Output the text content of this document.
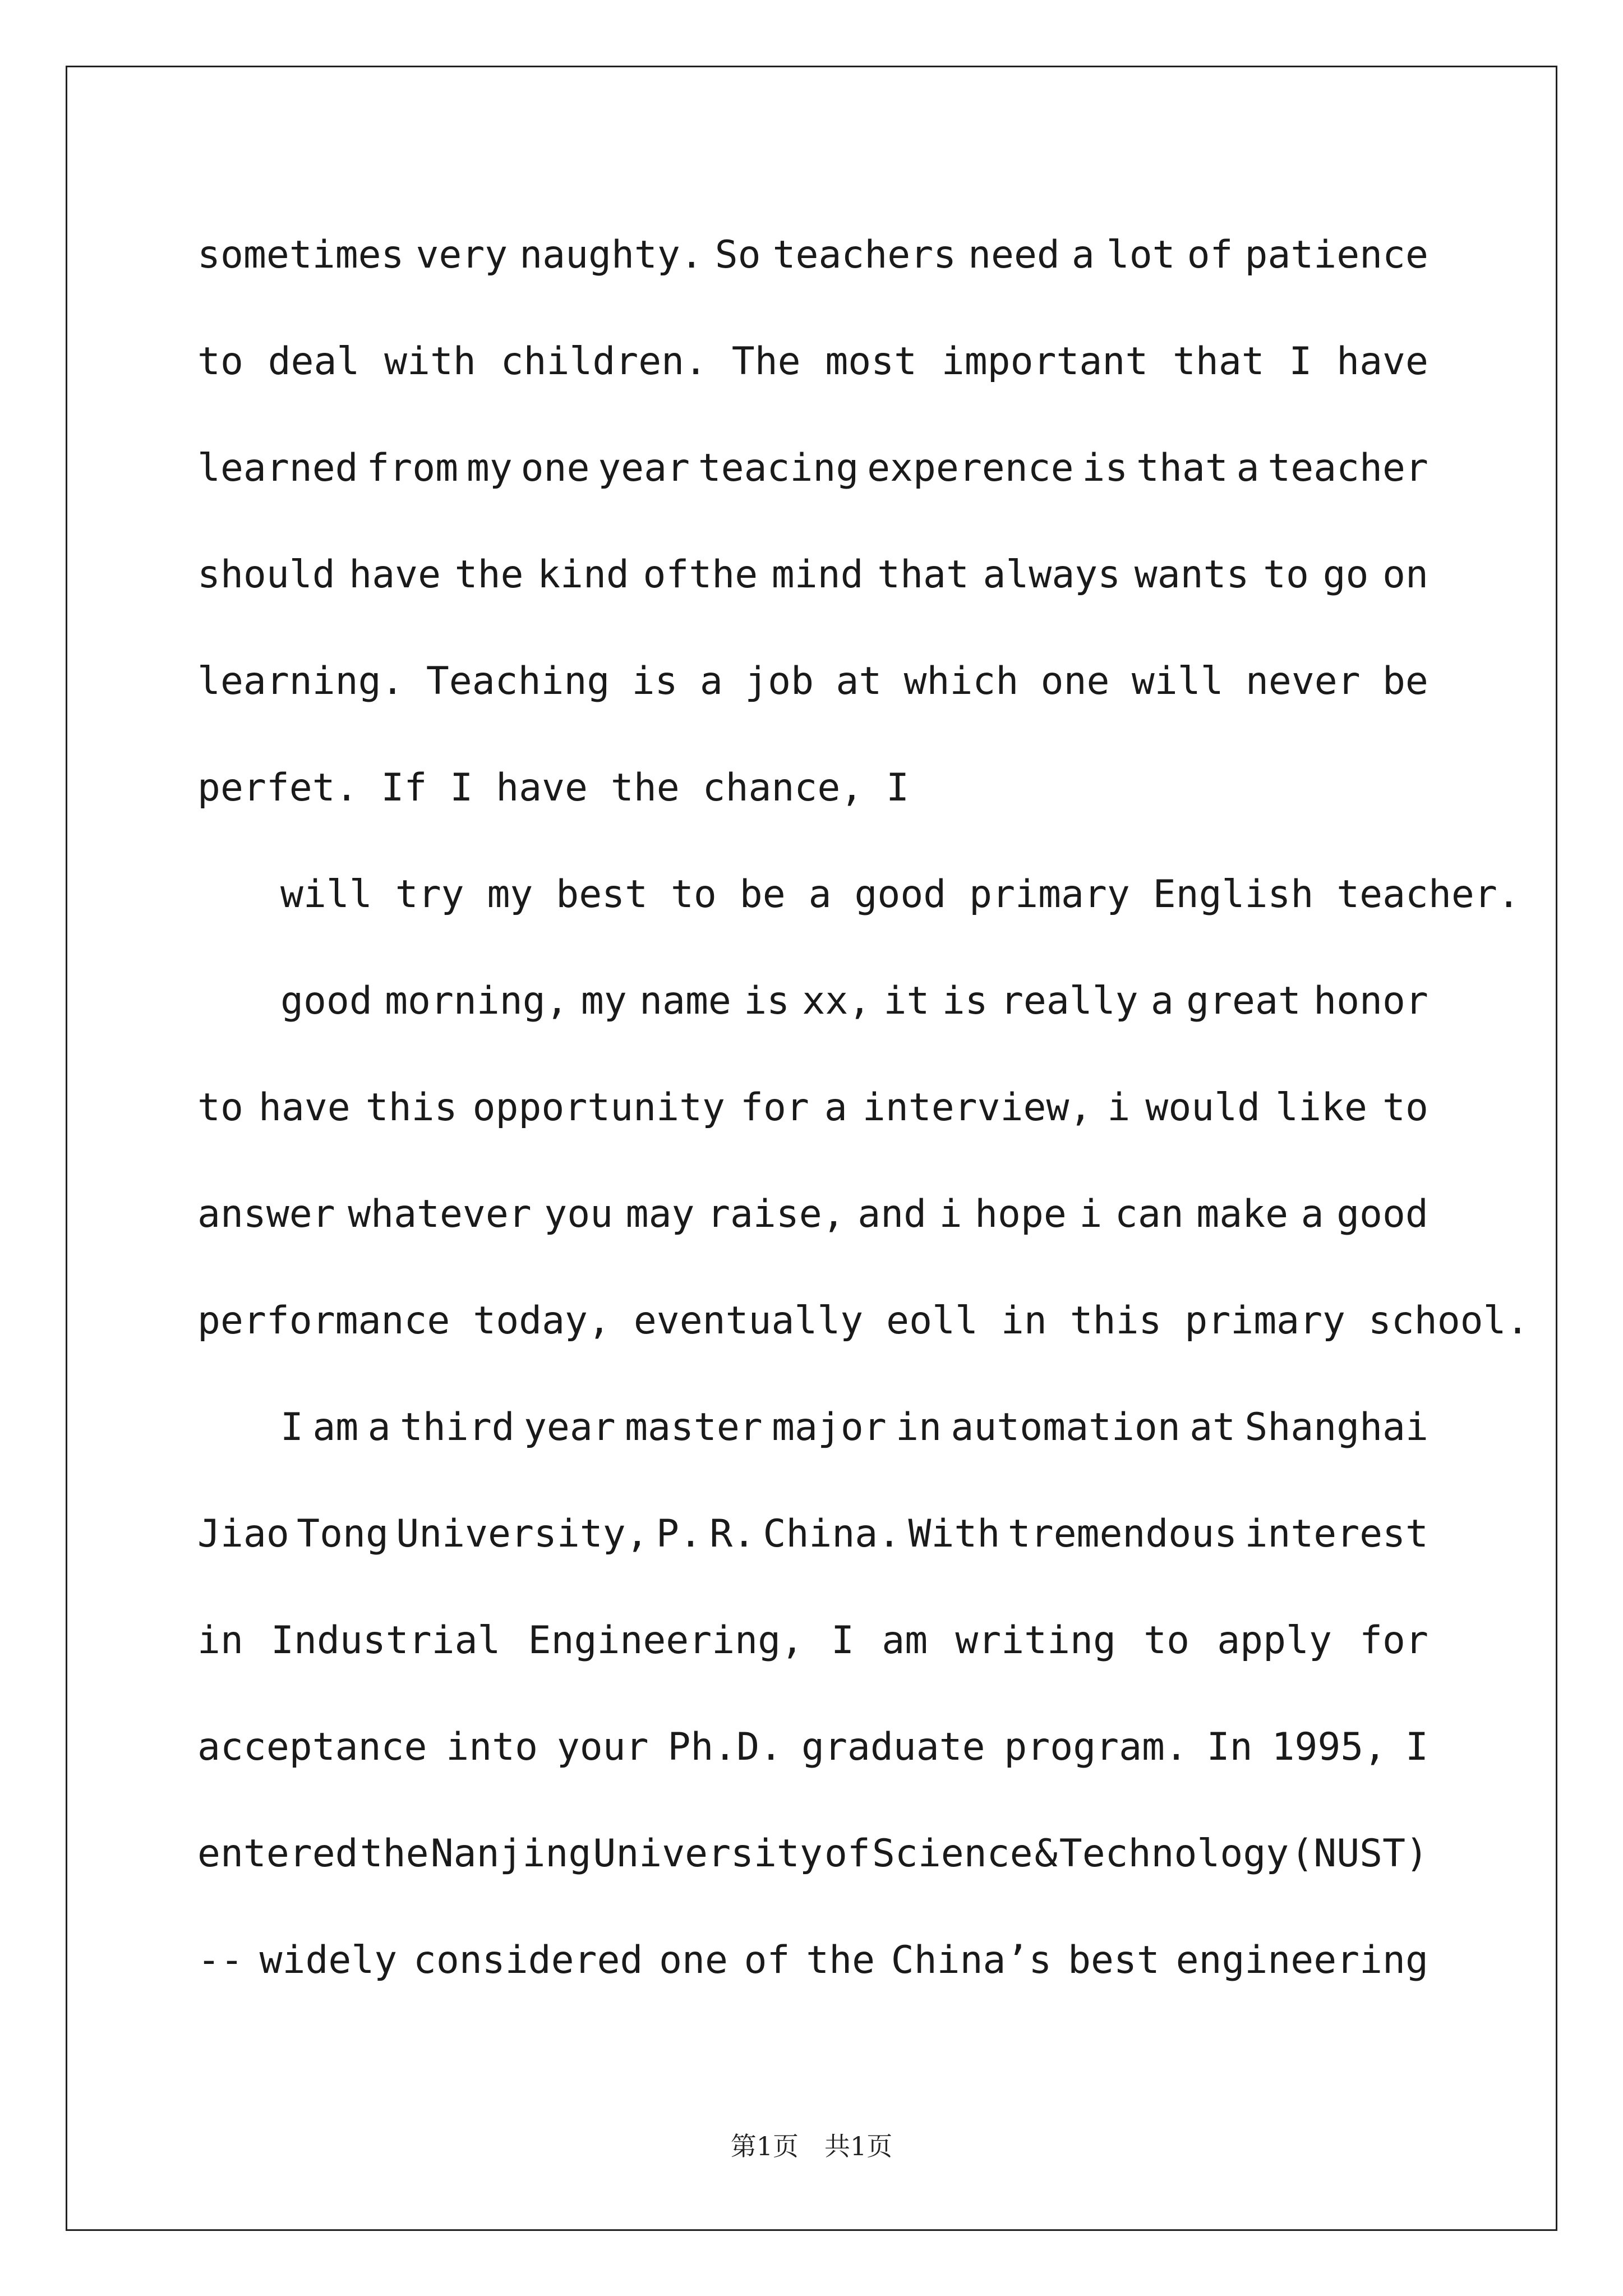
sometimes very naughty. So teachers need a lot of patience
to deal with children. The most important that I have
learned from my one year teacing experence is that a teacher
should have the kind ofthe mind that always wants to go on
learning. Teaching is a job at which one will never be
perfet. If I have the chance, I
will try my best to be a good primary English teacher.
good morning, my name is xx, it is really a great honor
to have this opportunity for a interview, i would like to
answer whatever you may raise, and i hope i can make a good
performance today, eventually eoll in this primary school.
I am a third year master major in automation at Shanghai
Jiao Tong University, P. R. China. With tremendous interest
in Industrial Engineering, I am writing to apply for
acceptance into your Ph.D. graduate program. In 1995, I
entered the Nanjing University of Science & Technology (NUST)
-- widely considered one of the China’s best engineering
第1页　共1页
